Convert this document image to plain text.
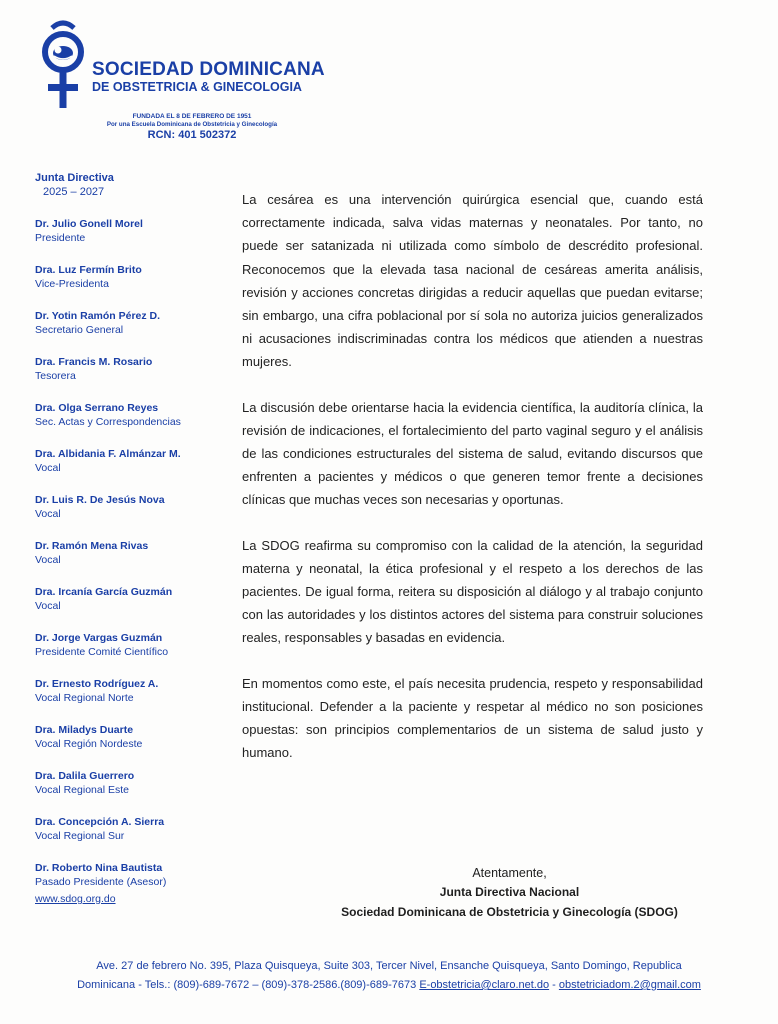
SOCIEDAD DOMINICANA
DE OBSTETRICIA & GINECOLOGIA
FUNDADA EL 8 DE FEBRERO DE 1951
Por una Escuela Dominicana de Obstetricia y Ginecología
RCN: 401 502372
Junta Directiva
2025 – 2027
Dr. Julio Gonell Morel
Presidente
Dra. Luz Fermín Brito
Vice-Presidenta
Dr. Yotin Ramón Pérez D.
Secretario General
Dra. Francis M. Rosario
Tesorera
Dra. Olga Serrano Reyes
Sec. Actas y Correspondencias
Dra. Albidania F. Almánzar M.
Vocal
Dr. Luis R. De Jesús Nova
Vocal
Dr. Ramón Mena Rivas
Vocal
Dra. Ircanía García Guzmán
Vocal
Dr. Jorge Vargas Guzmán
Presidente Comité Científico
Dr. Ernesto Rodríguez A.
Vocal Regional Norte
Dra. Miladys Duarte
Vocal Región Nordeste
Dra. Dalila Guerrero
Vocal Regional Este
Dra. Concepción A. Sierra
Vocal Regional Sur
Dr. Roberto Nina Bautista
Pasado Presidente (Asesor)
www.sdog.org.do

La cesárea es una intervención quirúrgica esencial que, cuando está correctamente indicada, salva vidas maternas y neonatales. Por tanto, no puede ser satanizada ni utilizada como símbolo de descrédito profesional. Reconocemos que la elevada tasa nacional de cesáreas amerita análisis, revisión y acciones concretas dirigidas a reducir aquellas que puedan evitarse; sin embargo, una cifra poblacional por sí sola no autoriza juicios generalizados ni acusaciones indiscriminadas contra los médicos que atienden a nuestras mujeres.

La discusión debe orientarse hacia la evidencia científica, la auditoría clínica, la revisión de indicaciones, el fortalecimiento del parto vaginal seguro y el análisis de las condiciones estructurales del sistema de salud, evitando discursos que enfrenten a pacientes y médicos o que generen temor frente a decisiones clínicas que muchas veces son necesarias y oportunas.

La SDOG reafirma su compromiso con la calidad de la atención, la seguridad materna y neonatal, la ética profesional y el respeto a los derechos de las pacientes. De igual forma, reitera su disposición al diálogo y al trabajo conjunto con las autoridades y los distintos actores del sistema para construir soluciones reales, responsables y basadas en evidencia.

En momentos como este, el país necesita prudencia, respeto y responsabilidad institucional. Defender a la paciente y respetar al médico no son posiciones opuestas: son principios complementarios de un sistema de salud justo y humano.

Atentamente,
Junta Directiva Nacional
Sociedad Dominicana de Obstetricia y Ginecología (SDOG)
Ave. 27 de febrero No. 395, Plaza Quisqueya, Suite 303, Tercer Nivel, Ensanche Quisqueya, Santo Domingo, Republica
Dominicana - Tels.: (809)-689-7672 – (809)-378-2586.(809)-689-7673 E-obstetricia@claro.net.do - obstetriciadom.2@gmail.com
